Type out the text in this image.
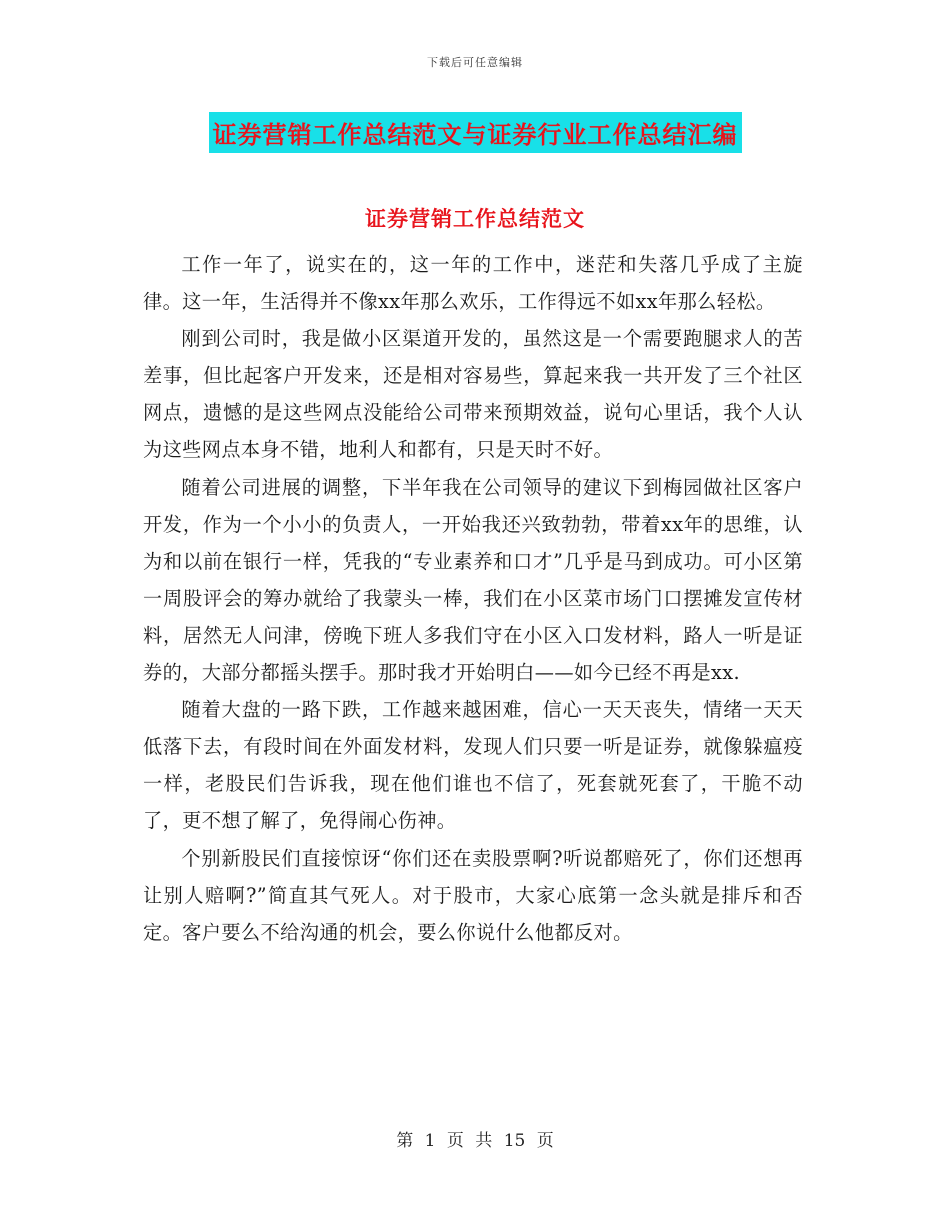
下载后可任意编辑
证券营销工作总结范文与证券行业工作总结汇编
证券营销工作总结范文

工作一年了，说实在的，这一年的工作中，迷茫和失落几乎成了主旋律。这一年，生活得并不像xx年那么欢乐，工作得远不如xx年那么轻松。

刚到公司时，我是做小区渠道开发的，虽然这是一个需要跑腿求人的苦差事，但比起客户开发来，还是相对容易些，算起来我一共开发了三个社区网点，遗憾的是这些网点没能给公司带来预期效益，说句心里话，我个人认为这些网点本身不错，地利人和都有，只是天时不好。

随着公司进展的调整，下半年我在公司领导的建议下到梅园做社区客户开发，作为一个小小的负责人，一开始我还兴致勃勃，带着xx年的思维，认为和以前在银行一样，凭我的“专业素养和口才”几乎是马到成功。可小区第一周股评会的筹办就给了我蒙头一棒，我们在小区菜市场门口摆摊发宣传材料，居然无人问津，傍晚下班人多我们守在小区入口发材料，路人一听是证券的，大部分都摇头摆手。那时我才开始明白——如今已经不再是xx.

随着大盘的一路下跌，工作越来越困难，信心一天天丧失，情绪一天天低落下去，有段时间在外面发材料，发现人们只要一听是证券，就像躲瘟疫一样，老股民们告诉我，现在他们谁也不信了，死套就死套了，干脆不动了，更不想了解了，免得闹心伤神。

个别新股民们直接惊讶“你们还在卖股票啊?听说都赔死了，你们还想再让别人赔啊?”简直其气死人。对于股市，大家心底第一念头就是排斥和否定。客户要么不给沟通的机会，要么你说什么他都反对。

第 1 页 共 15 页
